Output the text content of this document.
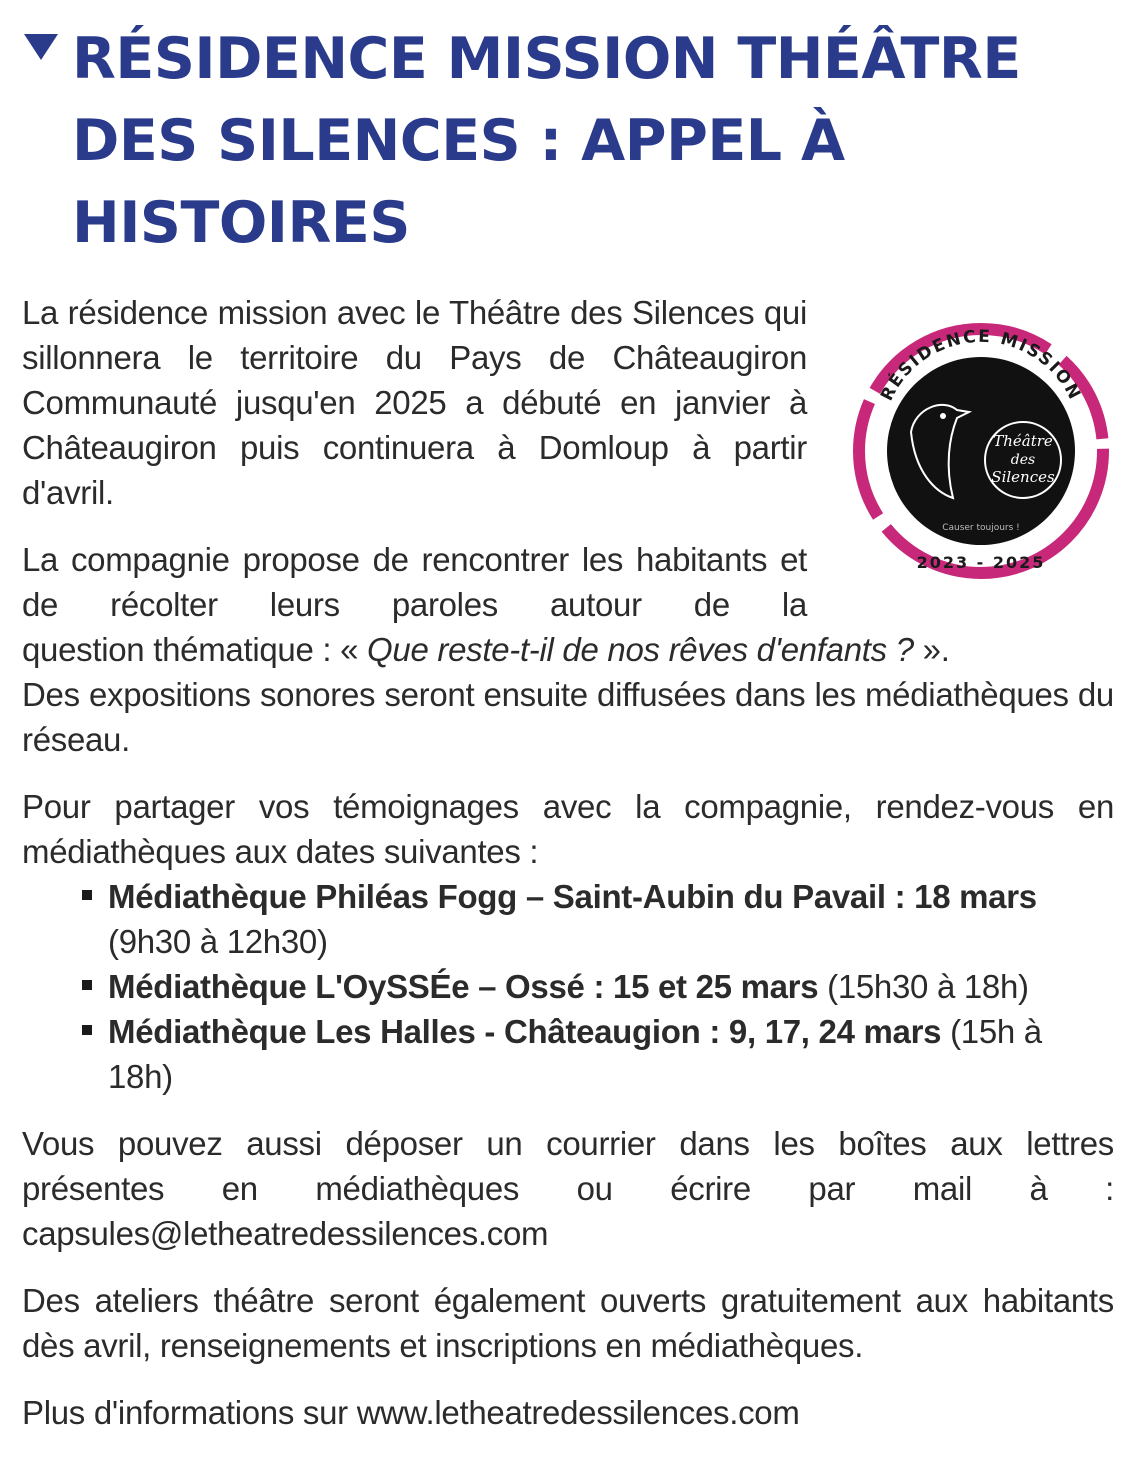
RÉSIDENCE MISSION THÉÂTRE DES SILENCES : APPEL À HISTOIRES
RÉSIDENCE MISSION
2023 - 2025
Théâtre
des
Silences
Causer toujours !

La résidence mission avec le Théâtre des Silences qui sillonnera le territoire du Pays de Châteaugiron Communauté jusqu'en 2025 a débuté en janvier à Châteaugiron puis continuera à Domloup à partir d'avril.

La compagnie propose de rencontrer les habitants et de récolter leurs paroles autour de la
question thématique : « Que reste-t-il de nos rêves d'enfants ? ».
Des expositions sonores seront ensuite diffusées dans les médiathèques du réseau.

Pour partager vos témoignages avec la compagnie, rendez-vous en médiathèques aux dates suivantes :

Médiathèque Philéas Fogg – Saint-Aubin du Pavail : 18 mars (9h30 à 12h30)
Médiathèque L'OySSÉe – Ossé : 15 et 25 mars (15h30 à 18h)
Médiathèque Les Halles - Châteaugion : 9, 17, 24 mars (15h à 18h)

Vous pouvez aussi déposer un courrier dans les boîtes aux lettres présentes en médiathèques ou écrire par mail à : capsules@letheatredessilences.com

Des ateliers théâtre seront également ouverts gratuitement aux habitants dès avril, renseignements et inscriptions en médiathèques.

Plus d'informations sur www.letheatredessilences.com
